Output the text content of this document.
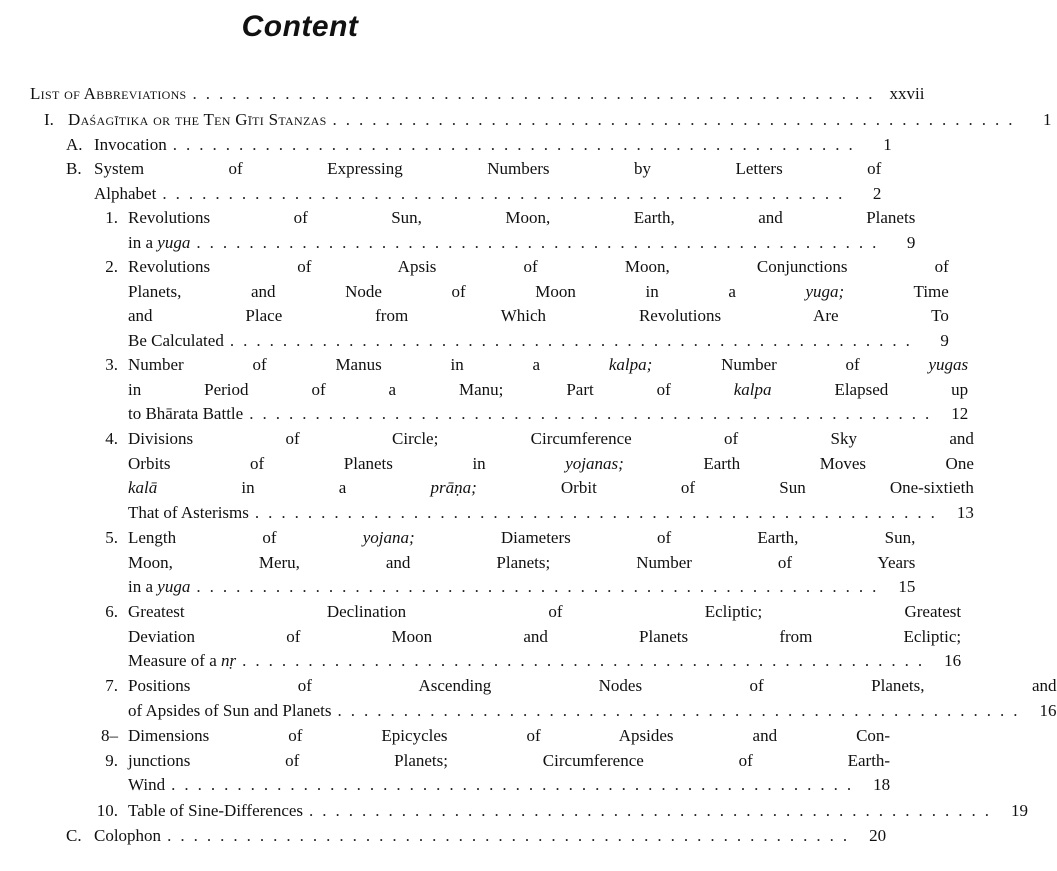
Content
List of Abbreviations .................................................... xxvii
I. Daśagītika or the Ten Gīti Stanzas ....................................................	1
A. Invocation ....................................................	1
B. System of Expressing Numbers by Letters of
Alphabet ....................................................	2
1. Revolutions of Sun, Moon, Earth, and Planets
in a yuga ....................................................	9
2. Revolutions of Apsis of Moon, Conjunctions of
Planets, and Node of Moon in a yuga; Time
and Place from Which Revolutions Are To
Be Calculated ....................................................	9
3. Number of Manus in a kalpa; Number of yugas
in Period of a Manu; Part of kalpa Elapsed up
to Bhārata Battle .................................................... 12
4. Divisions of Circle; Circumference of Sky and
Orbits of Planets in yojanas; Earth Moves One
kalā in a prāṇa; Orbit of Sun One-sixtieth
That of Asterisms .................................................... 13
5. Length of yojana; Diameters of Earth, Sun,
Moon, Meru, and Planets; Number of Years
in a yuga .................................................... 15
6. Greatest Declination of Ecliptic; Greatest
Deviation of Moon and Planets from Ecliptic;
Measure of a nṛ .................................................... 16
7. Positions of Ascending Nodes of Planets, and
of Apsides of Sun and Planets .................................................... 16
8–9.
Dimensions of Epicycles of Apsides and Con-
junctions of Planets; Circumference of Earth-
Wind .................................................... 18
10. Table of Sine-Differences .................................................... 19
C. Colophon .................................................... 20
